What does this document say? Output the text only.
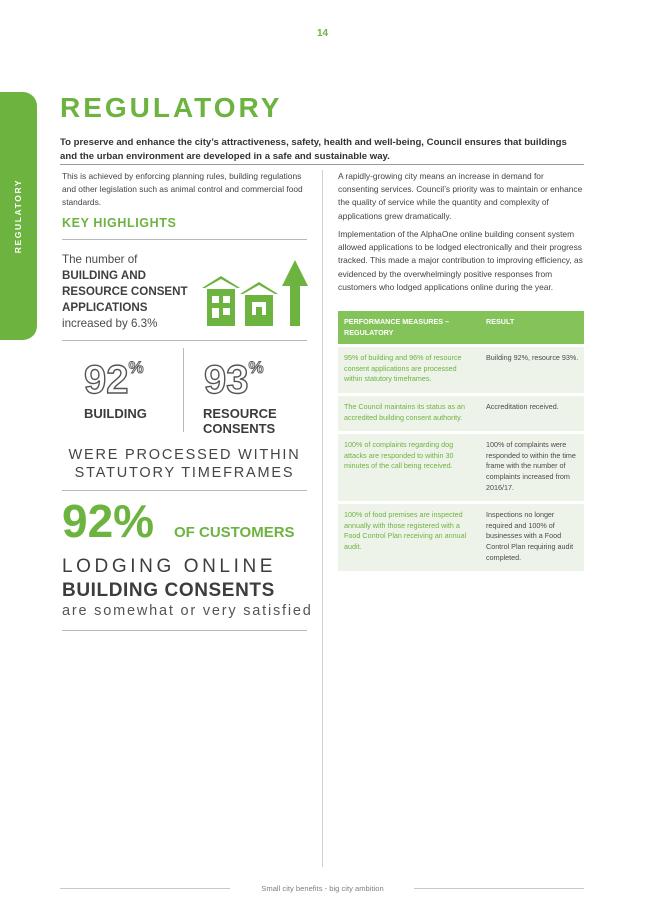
14
REGULATORY
REGULATORY

To preserve and enhance the city’s attractiveness, safety, health and well-being, Council ensures that buildings and the urban environment are developed in a safe and sustainable way.

This is achieved by enforcing planning rules, building regulations and other legislation such as animal control and commercial food standards.

KEY HIGHLIGHTS
The number of
BUILDING AND
RESOURCE CONSENT
APPLICATIONS
increased by 6.3%
92% 93%
BUILDING	RESOURCE
CONSENTS
WERE PROCESSED WITHIN
STATUTORY TIMEFRAMES
92% OF CUSTOMERS
LODGING ONLINE
BUILDING CONSENTS
are somewhat or very satisfied

A rapidly-growing city means an increase in demand for consenting services. Council’s priority was to maintain or enhance the quality of service while the quantity and complexity of applications grew dramatically.

Implementation of the AlphaOne online building consent system allowed applications to be lodged electronically and their progress tracked. This made a major contribution to improving efficiency, as evidenced by the overwhelmingly positive responses from customers who lodged applications online during the year.

PERFORMANCE MEASURES – REGULATORY	RESULT
95% of building and 96% of resource consent applications are processed within statutory timeframes.	Building 92%, resource 93%.
The Council maintains its status as an accredited building consent authority.	Accreditation received.
100% of complaints regarding dog attacks are responded to within 30 minutes of the call being received.	100% of complaints were responded to within the time frame with the number of complaints increased from 2016/17.
100% of food premises are inspected annually with those registered with a Food Control Plan receiving an annual audit.	Inspections no longer required and 100% of businesses with a Food Control Plan requiring audit completed.
Small city benefits - big city ambition
